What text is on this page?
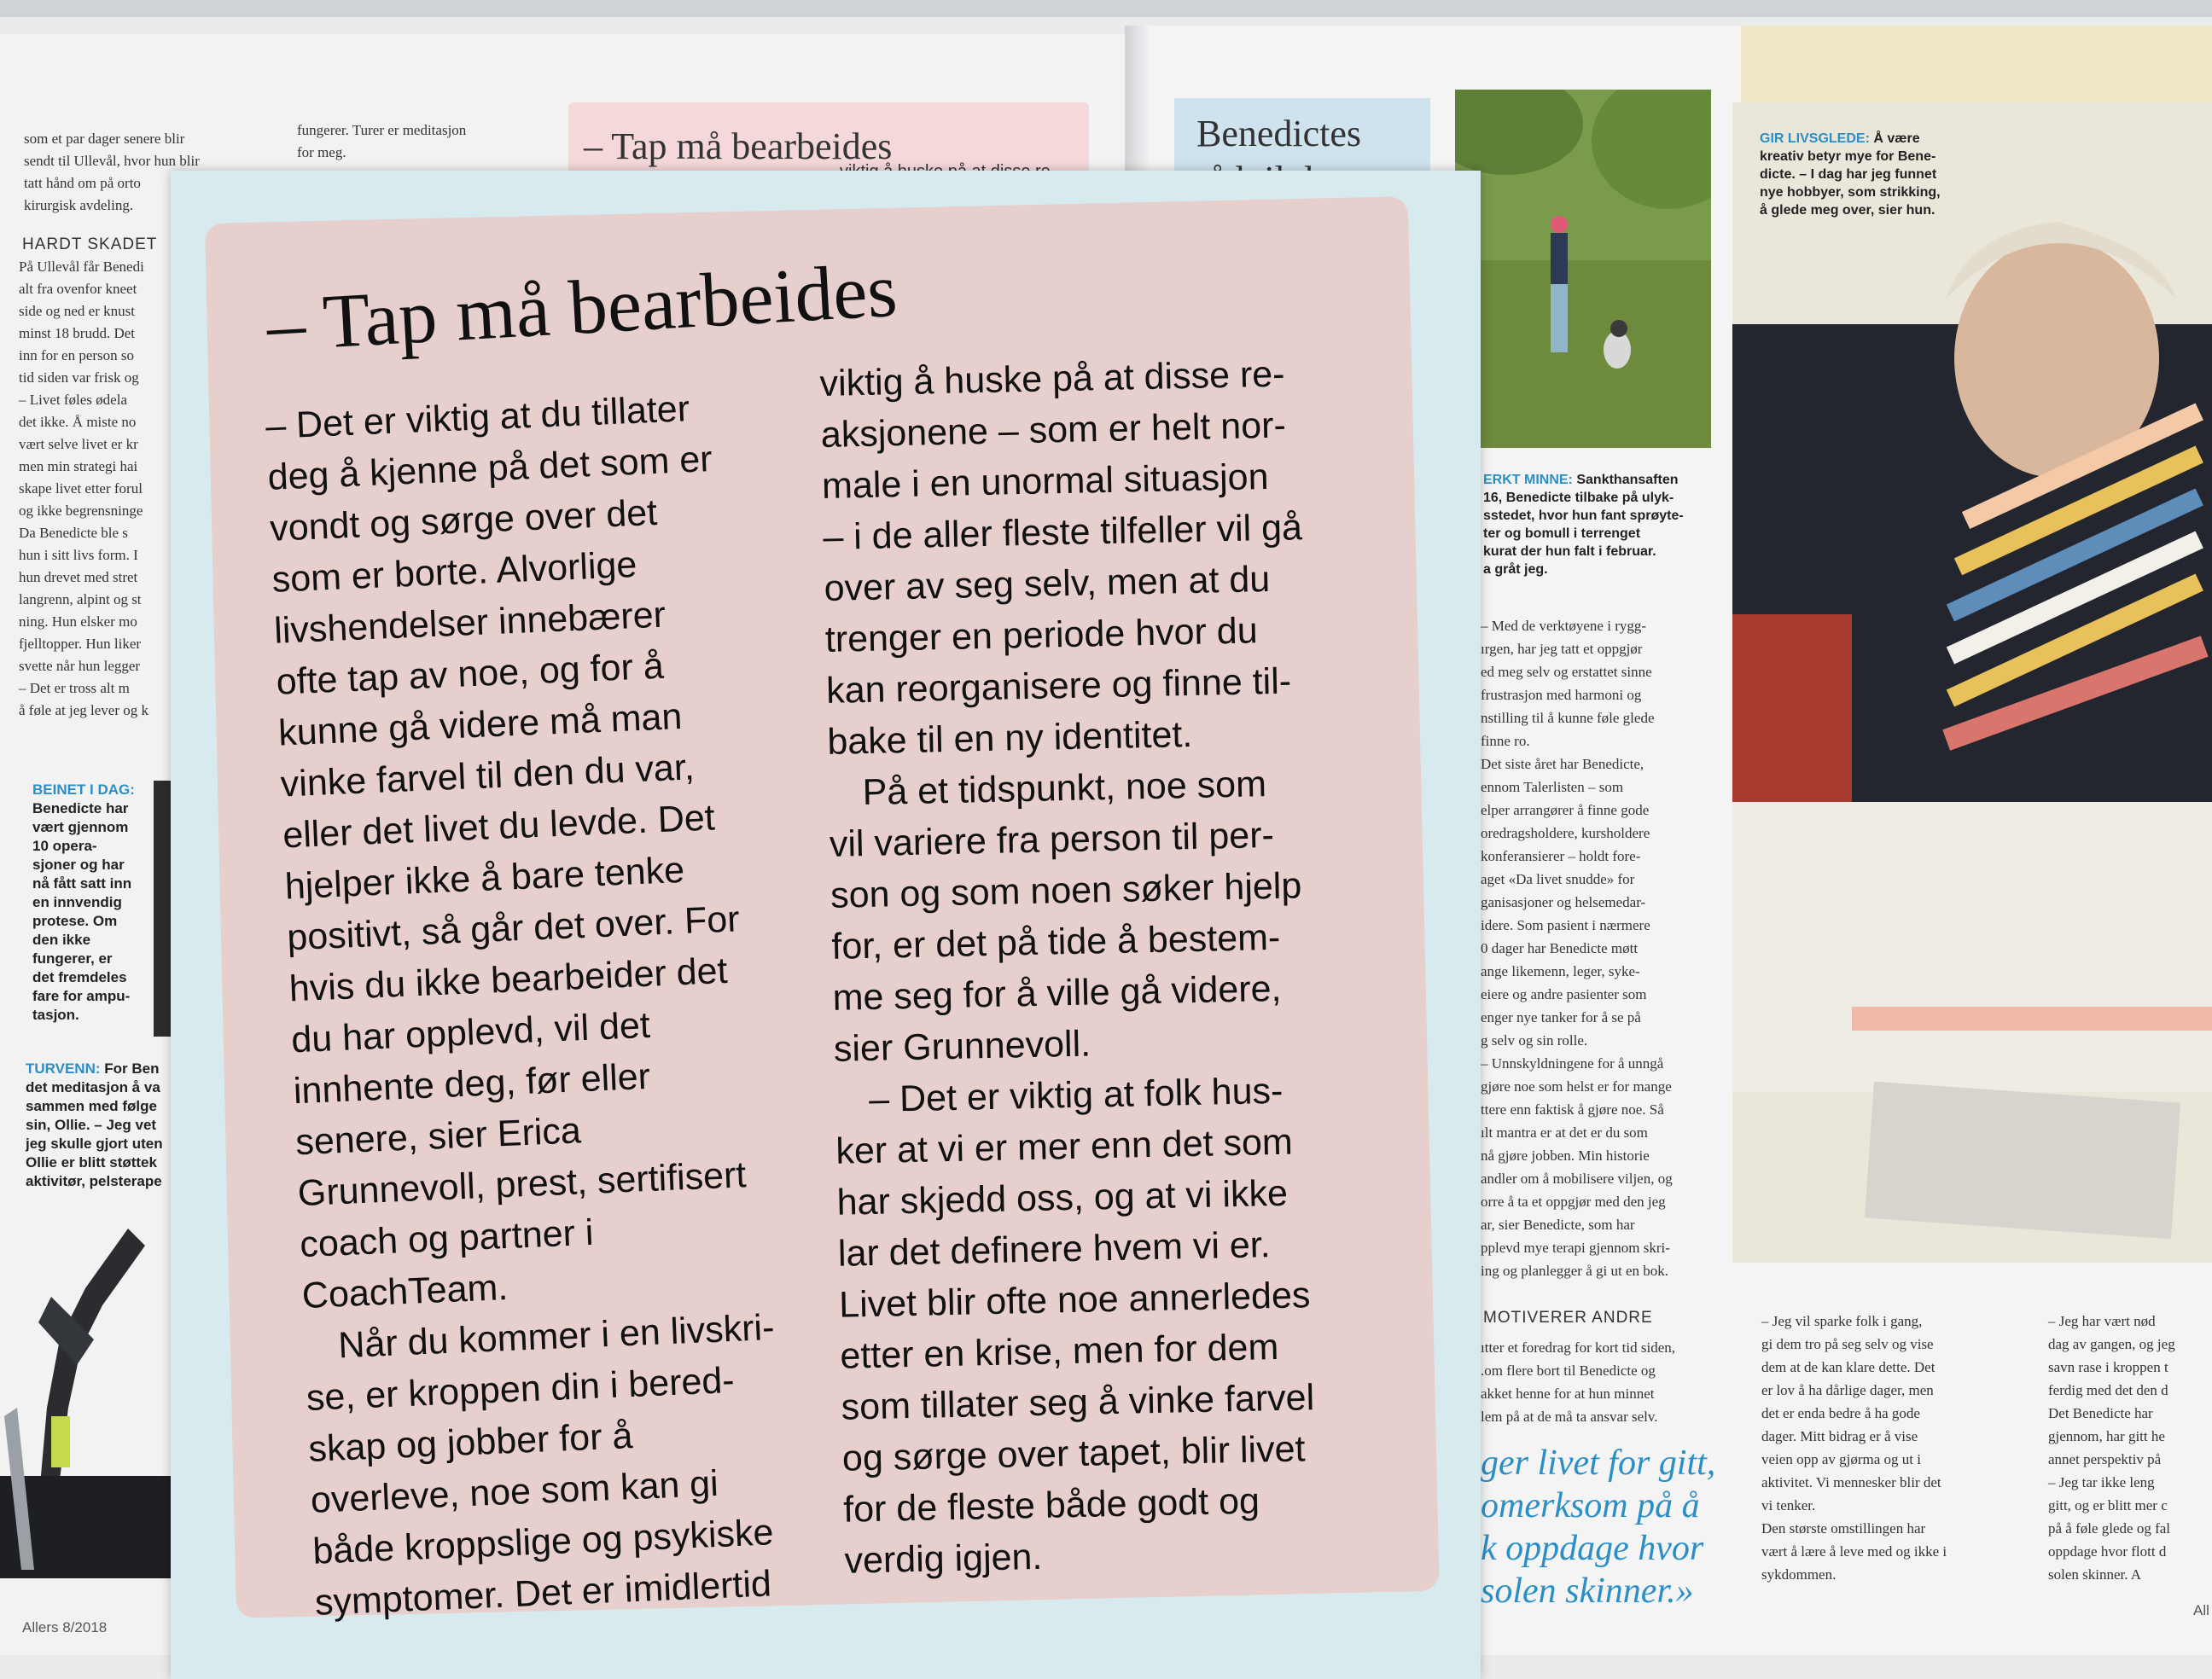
som et par dager senere blir
sendt til Ullevål, hvor hun blir
tatt hånd om på orto
kirurgisk avdeling.
fungerer. Turer er meditasjon
for meg.
HARDT SKADET
På Ullevål får Benedi
alt fra ovenfor kneet
side og ned er knust
minst 18 brudd. Det
inn for en person so
tid siden var frisk og
– Livet føles ødela
det ikke. Å miste no
vært selve livet er kr
men min strategi hai
skape livet etter forul
og ikke begrensninge
Da Benedicte ble s
hun i sitt livs form. I
hun drevet med stret
langrenn, alpint og st
ning. Hun elsker mo
fjelltopper. Hun liker
svette når hun legger
– Det er tross alt m
å føle at jeg lever og k
BEINET I DAG:
Benedicte har
vært gjennom
10 opera-
sjoner og har
nå fått satt inn
en innvendig
protese. Om
den ikke
fungerer, er
det fremdeles
fare for ampu-
tasjon.
TURVENN: For Ben
det meditasjon å va
sammen med følge
sin, Ollie. – Jeg vet
jeg skulle gjort uten
Ollie er blitt støttek
aktivitør, pelsterape
Allers 8/2018
– Tap må bearbeides	Benedictes
ERKT MINNE: Sankthansaften
16, Benedicte tilbake på ulyk-
sstedet, hvor hun fant sprøyte-
ter og bomull i terrenget
kurat der hun falt i februar.
a gråt jeg.
– Med de verktøyene i rygg-
ırgen, har jeg tatt et oppgjør
ed meg selv og erstattet sinne
frustrasjon med harmoni og
nstilling til å kunne føle glede
finne ro.
Det siste året har Benedicte,
ennom Talerlisten – som
elper arrangører å finne gode
oredragsholdere, kursholdere
konferansierer – holdt fore-
aget «Da livet snudde» for
ganisasjoner og helsemedar-
idere. Som pasient i nærmere
0 dager har Benedicte møtt
ange likemenn, leger, syke-
eiere og andre pasienter som
enger nye tanker for å se på
g selv og sin rolle.
– Unnskyldningene for å unngå
gjøre noe som helst er for mange
ttere enn faktisk å gjøre noe. Så
ılt mantra er at det er du som
nå gjøre jobben. Min historie
andler om å mobilisere viljen, og
orre å ta et oppgjør med den jeg
ar, sier Benedicte, som har
pplevd mye terapi gjennom skri-
ing og planlegger å gi ut en bok.
MOTIVERER ANDRE
ıtter et foredrag for kort tid siden,
.om flere bort til Benedicte og
akket henne for at hun minnet
lem på at de må ta ansvar selv.
ger livet for gitt,
omerksom på å
k oppdage hvor
solen skinner.»
GIR LIVSGLEDE: Å være
kreativ betyr mye for Bene-
dicte. – I dag har jeg funnet
nye hobbyer, som strikking,
å glede meg over, sier hun.
– Jeg vil sparke folk i gang,
gi dem tro på seg selv og vise
dem at de kan klare dette. Det
er lov å ha dårlige dager, men
det er enda bedre å ha gode
dager. Mitt bidrag er å vise
veien opp av gjørma og ut i
aktivitet. Vi mennesker blir det
vi tenker.
Den største omstillingen har
vært å lære å leve med og ikke i
sykdommen.
– Jeg har vært nød
dag av gangen, og jeg
savn rase i kroppen t
ferdig med det den d
Det Benedicte har
gjennom, har gitt he
annet perspektiv på
– Jeg tar ikke leng
gitt, og er blitt mer c
på å føle glede og fal
oppdage hvor flott d
solen skinner. A
All
– Tap må bearbeides
– Det er viktig at du tillater
deg å kjenne på det som er
vondt og sørge over det
som er borte. Alvorlige
livshendelser innebærer
ofte tap av noe, og for å
kunne gå videre må man
vinke farvel til den du var,
eller det livet du levde. Det
hjelper ikke å bare tenke
positivt, så går det over. For
hvis du ikke bearbeider det
du har opplevd, vil det
innhente deg, før eller
senere, sier Erica
Grunnevoll, prest, sertifisert
coach og partner i
CoachTeam.
Når du kommer i en livskri-
se, er kroppen din i bered-
skap og jobber for å
overleve, noe som kan gi
både kroppslige og psykiske
symptomer. Det er imidlertid
viktig å huske på at disse re-
aksjonene – som er helt nor-
male i en unormal situasjon
– i de aller fleste tilfeller vil gå
over av seg selv, men at du
trenger en periode hvor du
kan reorganisere og finne til-
bake til en ny identitet.
På et tidspunkt, noe som
vil variere fra person til per-
son og som noen søker hjelp
for, er det på tide å bestem-
me seg for å ville gå videre,
sier Grunnevoll.
– Det er viktig at folk hus-
ker at vi er mer enn det som
har skjedd oss, og at vi ikke
lar det definere hvem vi er.
Livet blir ofte noe annerledes
etter en krise, men for dem
som tillater seg å vinke farvel
og sørge over tapet, blir livet
for de fleste både godt og
verdig igjen.
